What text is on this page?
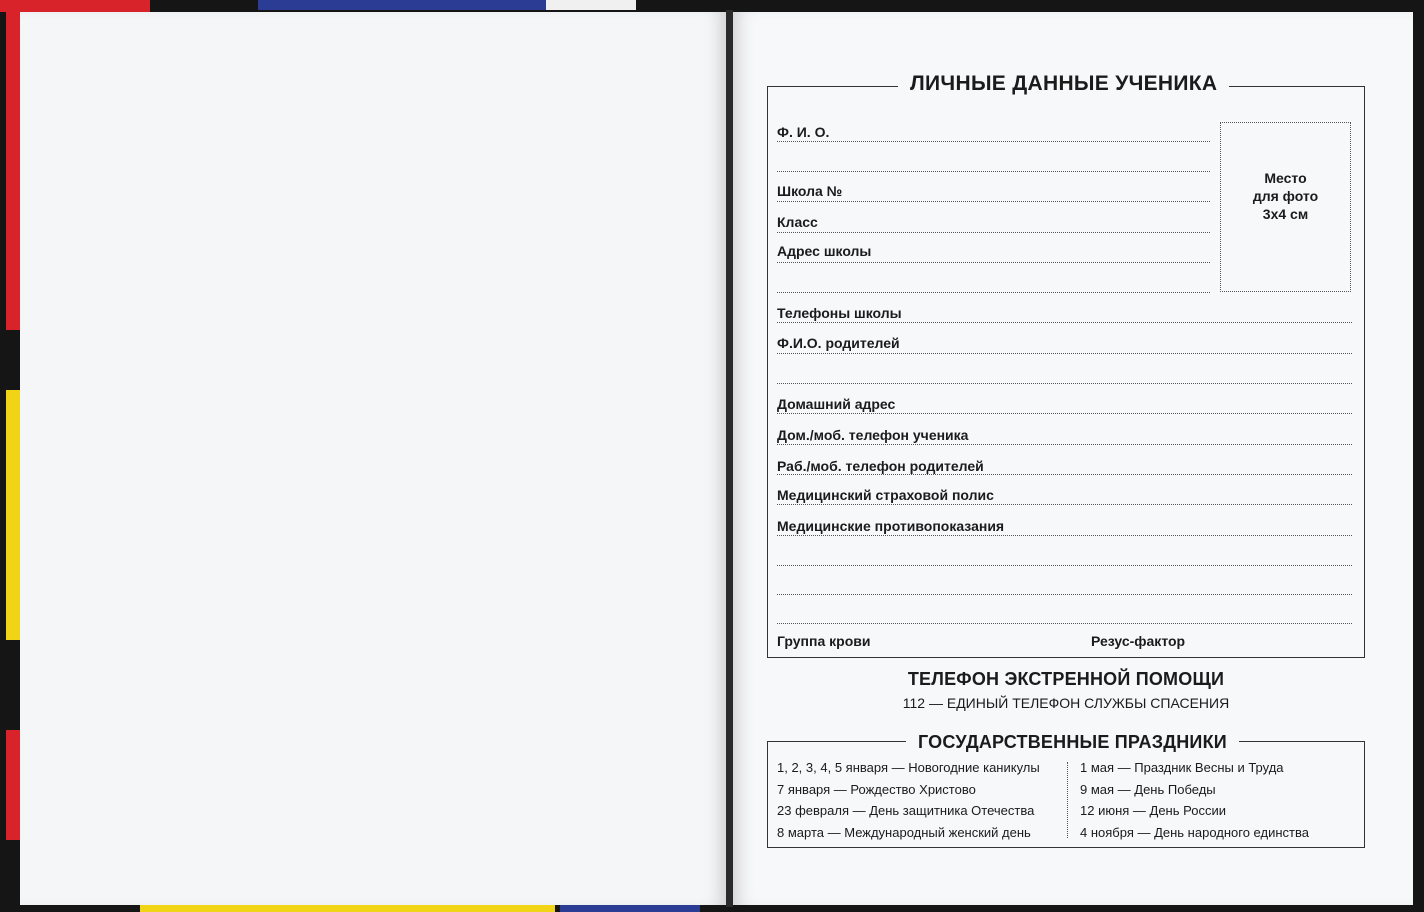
ЛИЧНЫЕ ДАННЫЕ УЧЕНИКА
Ф. И. О.
Школа №
Класс
Адрес школы
Место
для фото
3х4 см
Телефоны школы
Ф.И.О. родителей
Домашний адрес
Дом./моб. телефон ученика
Раб./моб. телефон родителей
Медицинский страховой полис
Медицинские противопоказания
Группа крови	Резус-фактор
ТЕЛЕФОН ЭКСТРЕННОЙ ПОМОЩИ
112 — ЕДИНЫЙ ТЕЛЕФОН СЛУЖБЫ СПАСЕНИЯ
ГОСУДАРСТВЕННЫЕ ПРАЗДНИКИ
1, 2, 3, 4, 5 января — Новогодние каникулы
7 января — Рождество Христово
23 февраля — День защитника Отечества
8 марта — Международный женский день
1 мая — Праздник Весны и Труда
9 мая — День Победы
12 июня — День России
4 ноября — День народного единства
